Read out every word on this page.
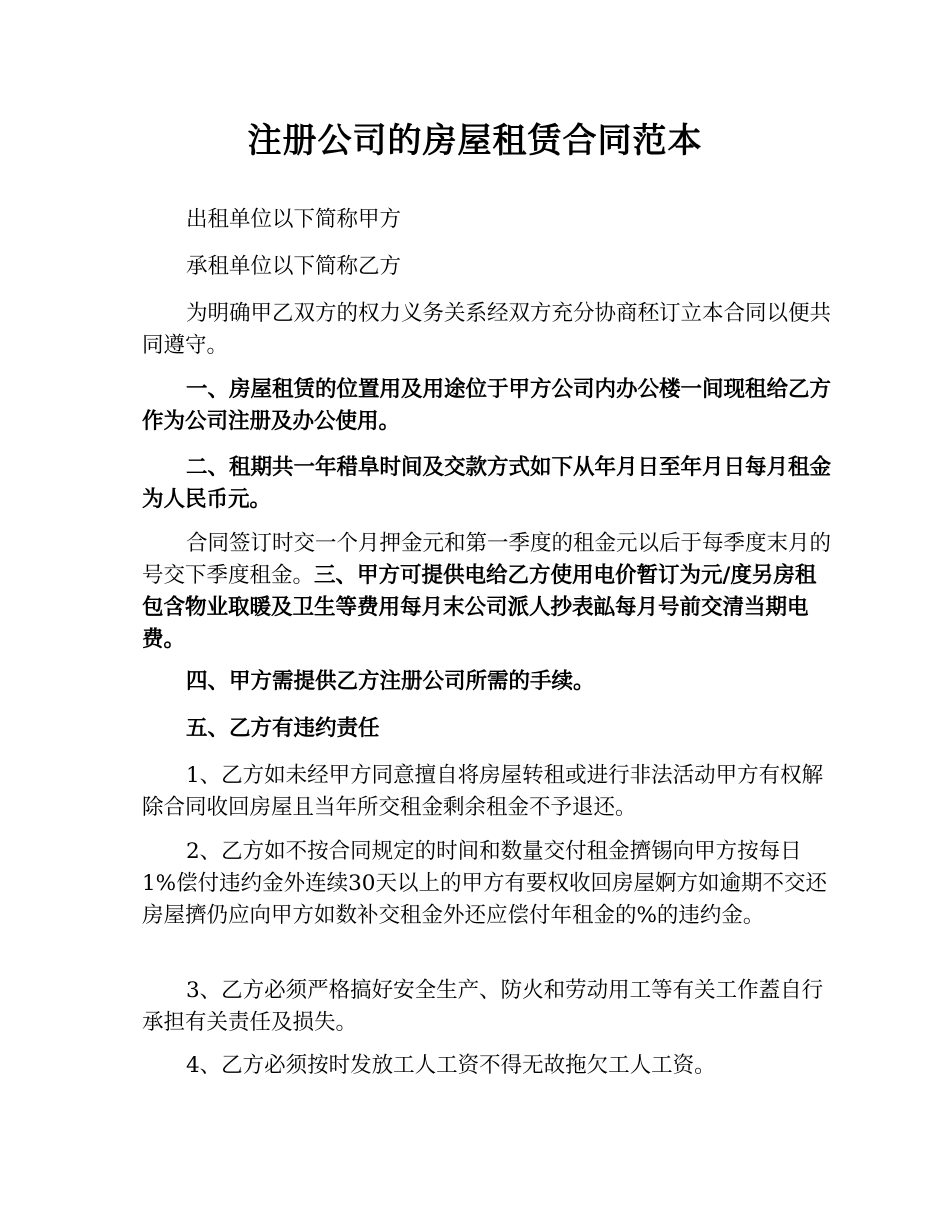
注册公司的房屋租赁合同范本

出租单位以下简称甲方

承租单位以下简称乙方

为明确甲乙双方的权力义务关系经双方充分协商秠订立本合同以便共同遵守。

一、房屋租赁的位置用及用途位于甲方公司内办公楼一间现租给乙方作为公司注册及办公使用。

二、租期共一年稓阜时间及交款方式如下从年月日至年月日每月租金为人民币元。

合同签订时交一个月押金元和第一季度的租金元以后于每季度末月的号交下季度租金。三、甲方可提供电给乙方使用电价暂订为元/度另房租包含物业取暖及卫生等费用每月末公司派人抄表畆每月号前交清当期电费。

四、甲方需提供乙方注册公司所需的手续。

五、乙方有违约责任

1、乙方如未经甲方同意擅自将房屋转租或进行非法活动甲方有权解除合同收回房屋且当年所交租金剩余租金不予退还。

2、乙方如不按合同规定的时间和数量交付租金擠锡向甲方按每日1%偿付违约金外连续30天以上的甲方有要权收回房屋婀方如逾期不交还房屋擠仍应向甲方如数补交租金外还应偿付年租金的%的违约金。

3、乙方必须严格搞好安全生产、防火和劳动用工等有关工作蓋自行承担有关责任及损失。

4、乙方必须按时发放工人工资不得无故拖欠工人工资。
